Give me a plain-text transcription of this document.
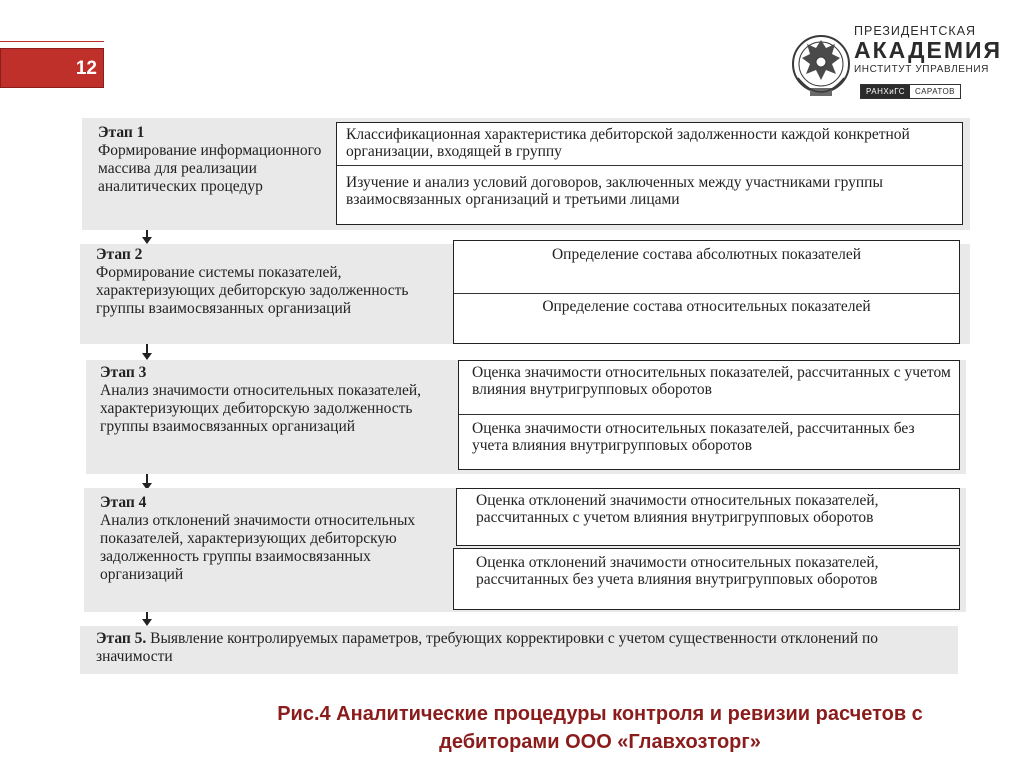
12
ПРЕЗИДЕНТСКАЯ
АКАДЕМИЯ
ИНСТИТУТ УПРАВЛЕНИЯ
РАНХиГС	САРАТОВ
Этап 1
Формирование информационного массива для реализации аналитических процедур
Классификационная характеристика дебиторской задолженности каждой конкретной организации, входящей в группу
Изучение и анализ условий договоров, заключенных между участниками группы взаимосвязанных организаций и третьими лицами
Этап 2
Формирование системы показателей, характеризующих дебиторскую задолженность группы взаимосвязанных организаций
Определение состава абсолютных показателей
Определение состава относительных показателей
Этап 3
Анализ значимости относительных показателей, характеризующих дебиторскую задолженность группы взаимосвязанных организаций
Оценка значимости относительных показателей, рассчитанных с учетом влияния внутригрупповых оборотов
Оценка значимости относительных показателей, рассчитанных без учета влияния внутригрупповых оборотов
Этап 4
Анализ отклонений значимости относительных показателей, характеризующих дебиторскую задолженность группы взаимосвязанных организаций
Оценка отклонений значимости относительных показателей, рассчитанных с учетом влияния внутригрупповых оборотов
Оценка отклонений значимости относительных показателей, рассчитанных без учета влияния внутригрупповых оборотов
Этап 5. Выявление контролируемых параметров, требующих корректировки с учетом существенности отклонений по значимости
Рис.4 Аналитические процедуры контроля и ревизии расчетов с
дебиторами ООО «Главхозторг»
